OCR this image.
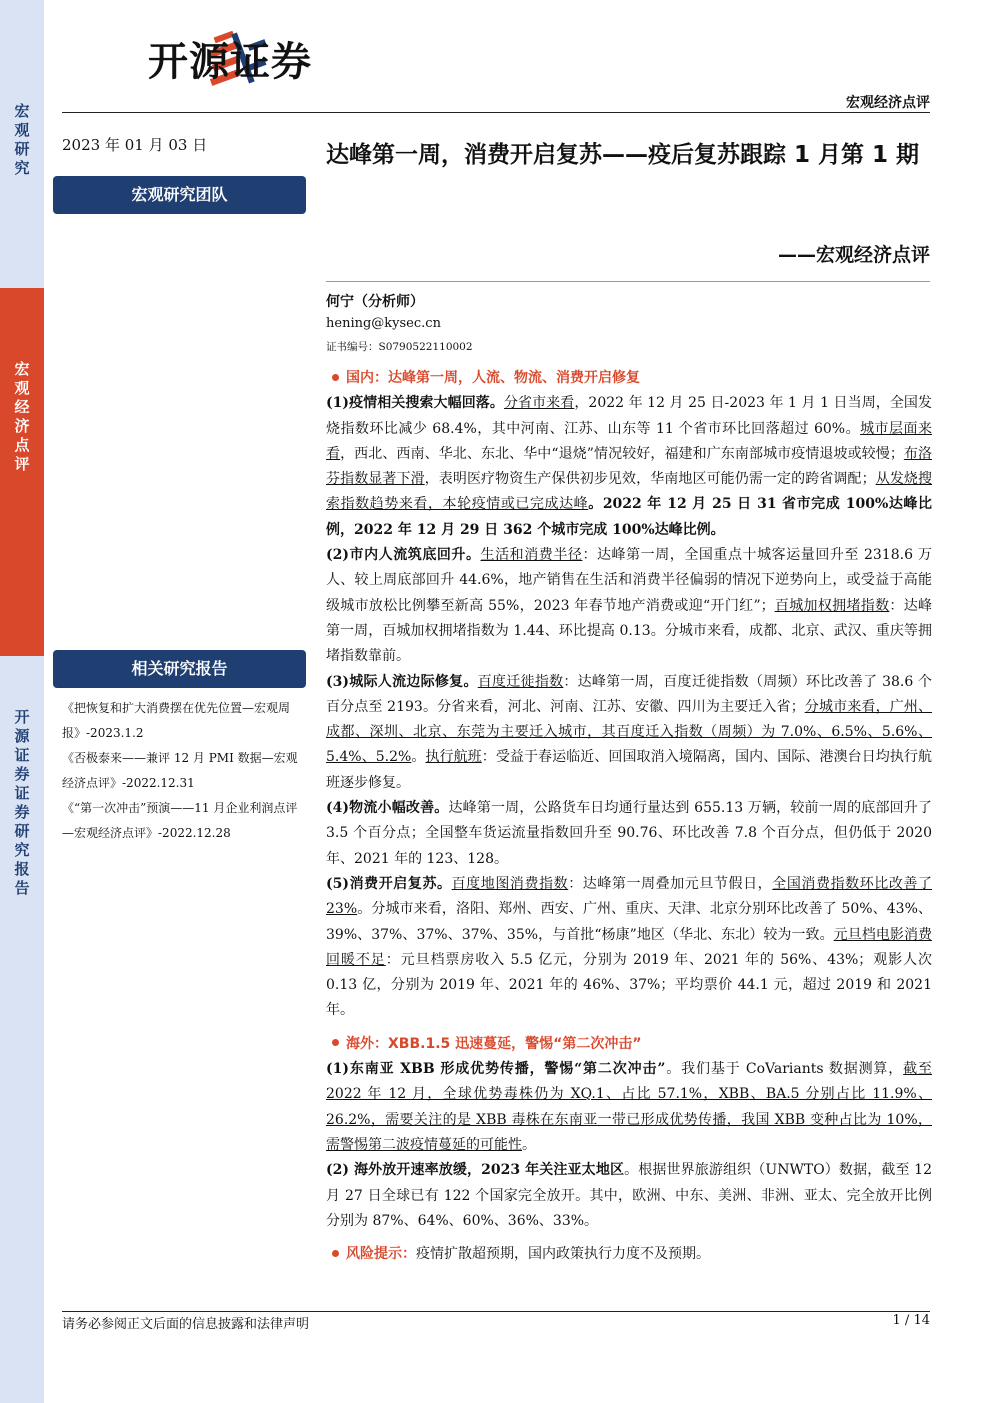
宏观研究
宏观经济点评
开源证券 证券研究报告
开源证券
宏观经济点评
2023 年 01 月 03 日
宏观研究团队
达峰第一周，消费开启复苏——疫后复苏跟踪 1 月第 1 期
——宏观经济点评
何宁（分析师）
hening@kysec.cn
证书编号：S0790522110002
相关研究报告

《把恢复和扩大消费摆在优先位置—宏观周报》-2023.1.2

《否极泰来——兼评 12 月 PMI 数据—宏观经济点评》-2022.12.31

《“第一次冲击”预演——11 月企业利润点评—宏观经济点评》-2022.12.28

国内：达峰第一周，人流、物流、消费开启修复

(1)疫情相关搜索大幅回落。分省市来看，2022 年 12 月 25 日-2023 年 1 月 1 日当周，全国发烧指数环比减少 68.4%，其中河南、江苏、山东等 11 个省市环比回落超过 60%。城市层面来看，西北、西南、华北、东北、华中“退烧”情况较好，福建和广东南部城市疫情退坡或较慢；布洛芬指数显著下滑，表明医疗物资生产保供初步见效，华南地区可能仍需一定的跨省调配；从发烧搜索指数趋势来看，本轮疫情或已完成达峰。2022 年 12 月 25 日 31 省市完成 100%达峰比例，2022 年 12 月 29 日 362 个城市完成 100%达峰比例。

(2)市内人流筑底回升。生活和消费半径：达峰第一周，全国重点十城客运量回升至 2318.6 万人、较上周底部回升 44.6%，地产销售在生活和消费半径偏弱的情况下逆势向上，或受益于高能级城市放松比例攀至新高 55%，2023 年春节地产消费或迎“开门红”；百城加权拥堵指数：达峰第一周，百城加权拥堵指数为 1.44、环比提高 0.13。分城市来看，成都、北京、武汉、重庆等拥堵指数靠前。

(3)城际人流边际修复。百度迁徙指数：达峰第一周，百度迁徙指数（周频）环比改善了 38.6 个百分点至 2193。分省来看，河北、河南、江苏、安徽、四川为主要迁入省；分城市来看，广州、成都、深圳、北京、东莞为主要迁入城市，其百度迁入指数（周频）为 7.0%、6.5%、5.6%、5.4%、5.2%。执行航班：受益于春运临近、回国取消入境隔离，国内、国际、港澳台日均执行航班逐步修复。

(4)物流小幅改善。达峰第一周，公路货车日均通行量达到 655.13 万辆，较前一周的底部回升了 3.5 个百分点；全国整车货运流量指数回升至 90.76、环比改善 7.8 个百分点，但仍低于 2020 年、2021 年的 123、128。

(5)消费开启复苏。百度地图消费指数：达峰第一周叠加元旦节假日，全国消费指数环比改善了 23%。分城市来看，洛阳、郑州、西安、广州、重庆、天津、北京分别环比改善了 50%、43%、39%、37%、37%、37%、35%，与首批“杨康”地区（华北、东北）较为一致。元旦档电影消费回暖不足：元旦档票房收入 5.5 亿元，分别为 2019 年、2021 年的 56%、43%；观影人次 0.13 亿，分别为 2019 年、2021 年的 46%、37%；平均票价 44.1 元，超过 2019 和 2021 年。

海外：XBB.1.5 迅速蔓延，警惕“第二次冲击”

(1)东南亚 XBB 形成优势传播，警惕“第二次冲击”。我们基于 CoVariants 数据测算，截至 2022 年 12 月，全球优势毒株仍为 XQ.1、占比 57.1%，XBB、BA.5 分别占比 11.9%、26.2%，需要关注的是 XBB 毒株在东南亚一带已形成优势传播，我国 XBB 变种占比为 10%，需警惕第二波疫情蔓延的可能性。

(2) 海外放开速率放缓，2023 年关注亚太地区。根据世界旅游组织（UNWTO）数据，截至 12 月 27 日全球已有 122 个国家完全放开。其中，欧洲、中东、美洲、非洲、亚太、完全放开比例分别为 87%、64%、60%、36%、33%。

风险提示：疫情扩散超预期，国内政策执行力度不及预期。

请务必参阅正文后面的信息披露和法律声明	1 / 14
